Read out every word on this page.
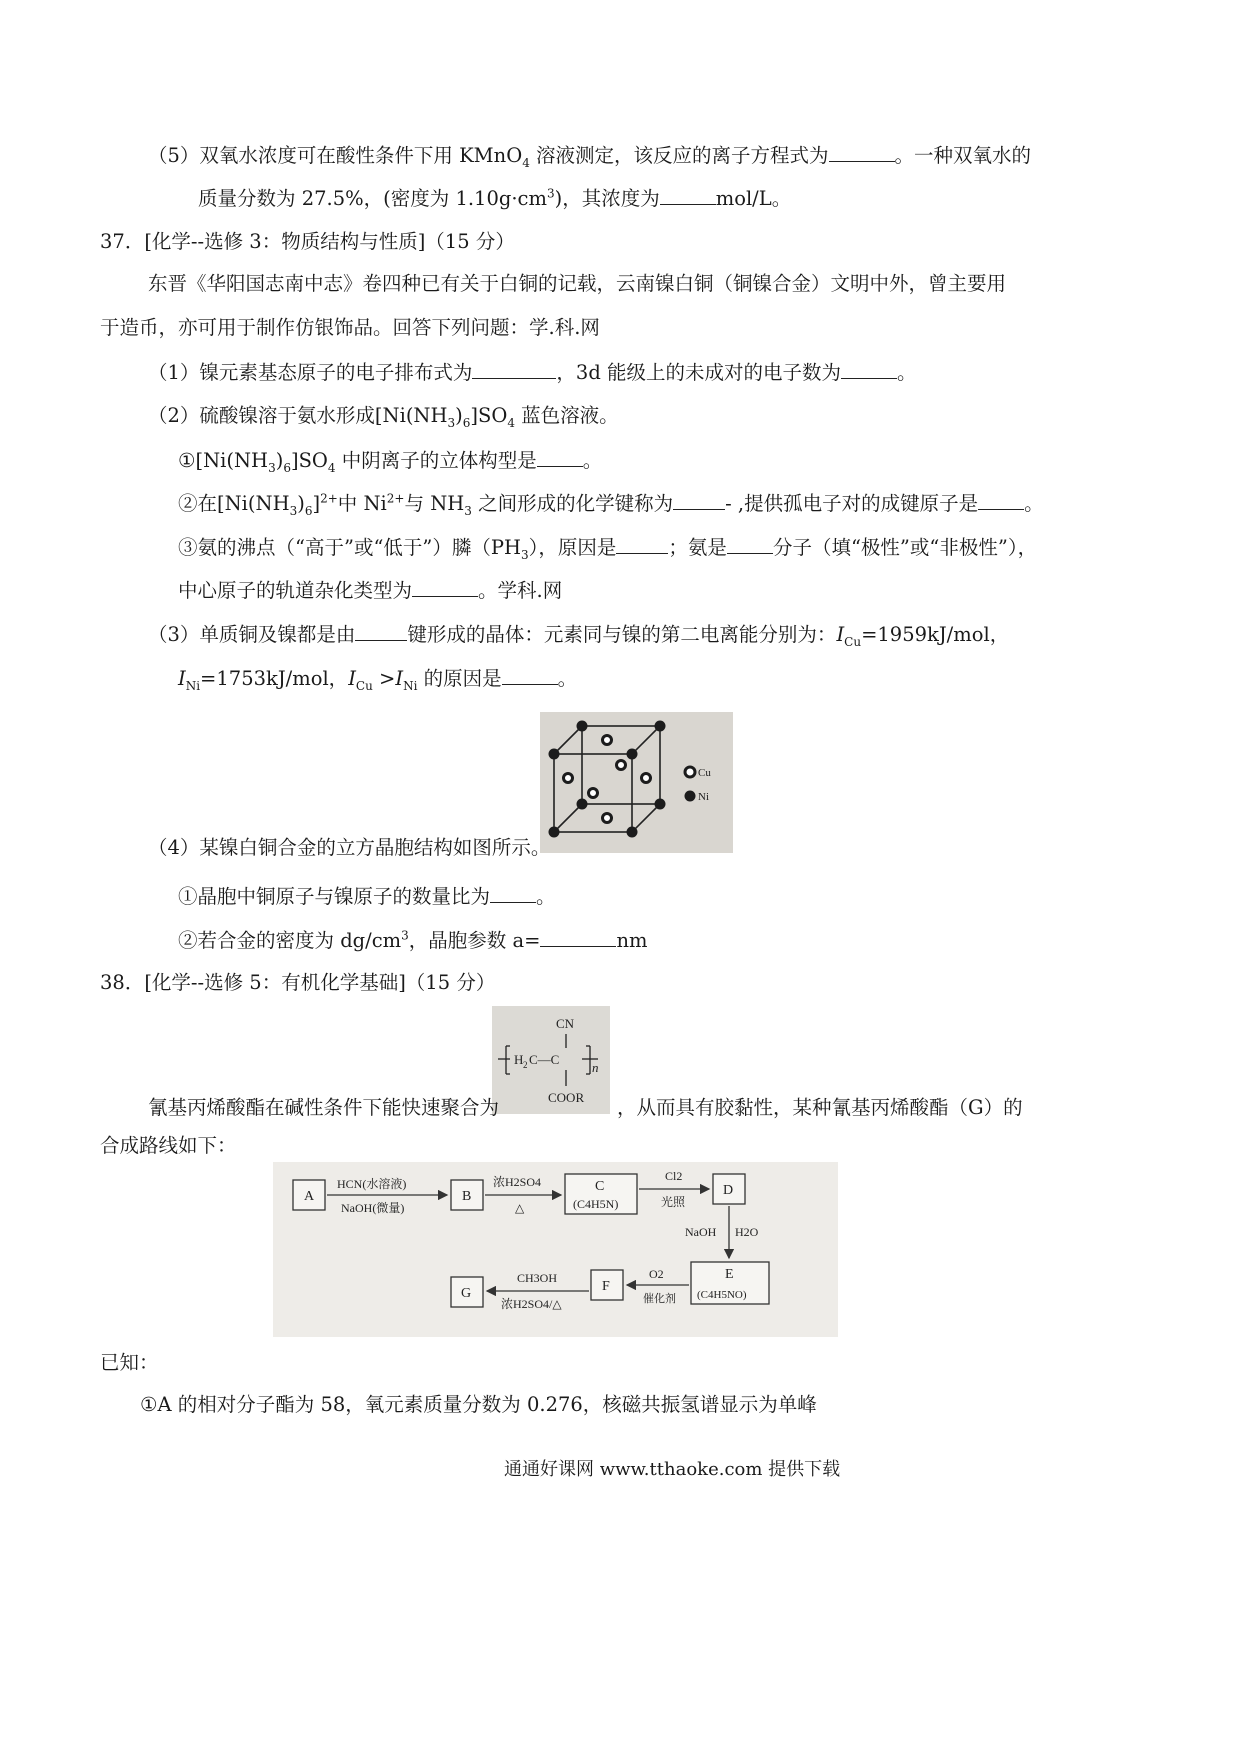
（5）双氧水浓度可在酸性条件下用 KMnO$_4$ 溶液测定，该反应的离子方程式为	。一种双氧水的
质量分数为 27.5%，(密度为 $1.10g\cdot cm^3$)，其浓度为	mol/L。
37．[化学--选修 3：物质结构与性质]（15 分）
东晋《华阳国志南中志》卷四种已有关于白铜的记载，云南镍白铜（铜镍合金）文明中外，曾主要用
于造币，亦可用于制作仿银饰品。回答下列问题：学.科.网
（1）镍元素基态原子的电子排布式为	，3d 能级上的未成对的电子数为	。
（2）硫酸镍溶于氨水形成$[Ni(NH_3)_6]SO_4$ 蓝色溶液。
$①[Ni(NH_3)_6]SO_4$ 中阴离子的立体构型是 。
②在$[Ni(NH_3)_6]^{2+}$中 $Ni^{2+}$与 $NH_3$ 之间形成的化学键称为	- ,提供孤电子对的成键原子是 。
③氨的沸点（“高于”或“低于”）膦$(PH_3)$，原因是	；氨是 分子（填“极性”或“非极性”），
中心原子的轨道杂化类型为	。学科.网
（3）单质铜及镍都是由	键形成的晶体：元素同与镍的第二电离能分别为：$I_{Cu}=1959kJ$/mol，
$I_{Ni}=1753kJ$/mol，$I_{Cu} >I_{Ni}$ 的原因是	。
Cu
Ni
（4）某镍白铜合金的立方晶胞结构如图所示。
①晶胞中铜原子与镍原子的数量比为 。
②若合金的密度为 $dg/cm^3$，晶胞参数 a=	nm
38．[化学--选修 5：有机化学基础]（15 分）
CN
H 2 C—C
n
COOR
氰基丙烯酸酯在碱性条件下能快速聚合为	，从而具有胶黏性，某种氰基丙烯酸酯（G）的
合成路线如下：
A	B
C
(C4H5N)
D
E
(C4H5NO)
F
G
HCN(水溶液)
NaOH(微量)
浓H2SO4
△
Cl2
光照
NaOH H2O
O2
催化剂
CH3OH
浓H2SO4/△
已知：
①A 的相对分子酯为 58，氧元素质量分数为 0.276，核磁共振氢谱显示为单峰
通通好课网 www.tthaoke.com 提供下载
